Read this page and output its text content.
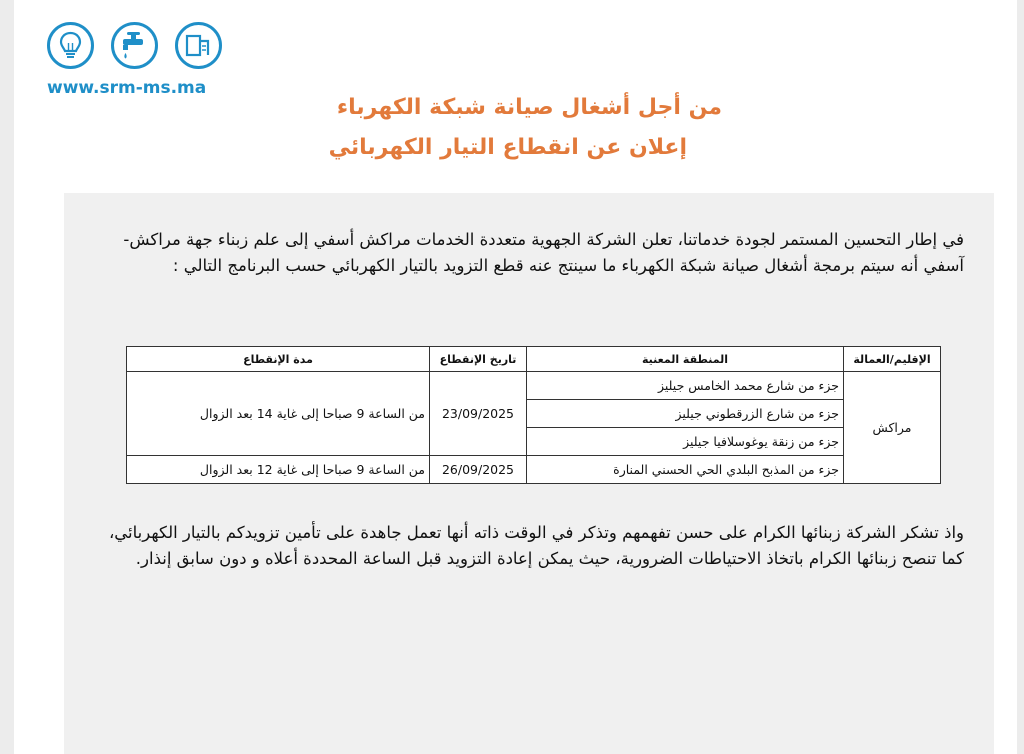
www.srm-ms.ma
من أجل أشغال صيانة شبكة الكهرباء
إعلان عن انقطاع التيار الكهربائي
في إطار التحسين المستمر لجودة خدماتنا، تعلن الشركة الجهوية متعددة الخدمات مراكش أسفي إلى علم زبناء جهة مراكش- آسفي أنه سيتم برمجة أشغال صيانة شبكة الكهرباء ما سينتج عنه قطع التزويد بالتيار الكهربائي حسب البرنامج التالي :
الإقليم/العمالة	المنطقة المعنية	تاريخ الإنقطاع	مدة الإنقطاع
مراكش	جزء من شارع محمد الخامس جيليز	23/09/2025	من الساعة 9 صباحا إلى غاية 14 بعد الزوال
	جزء من شارع الزرقطوني جيليز		
	جزء من زنقة يوغوسلافيا جيليز		
	جزء من المذبح البلدي الحي الحسني المنارة	26/09/2025	من الساعة 9 صباحا إلى غاية 12 بعد الزوال
واذ تشكر الشركة زبنائها الكرام على حسن تفهمهم وتذكر في الوقت ذاته أنها تعمل جاهدة على تأمين تزويدكم بالتيار الكهربائي، كما تنصح زبنائها الكرام باتخاذ الاحتياطات الضرورية، حيث يمكن إعادة التزويد قبل الساعة المحددة أعلاه و دون سابق إنذار.
